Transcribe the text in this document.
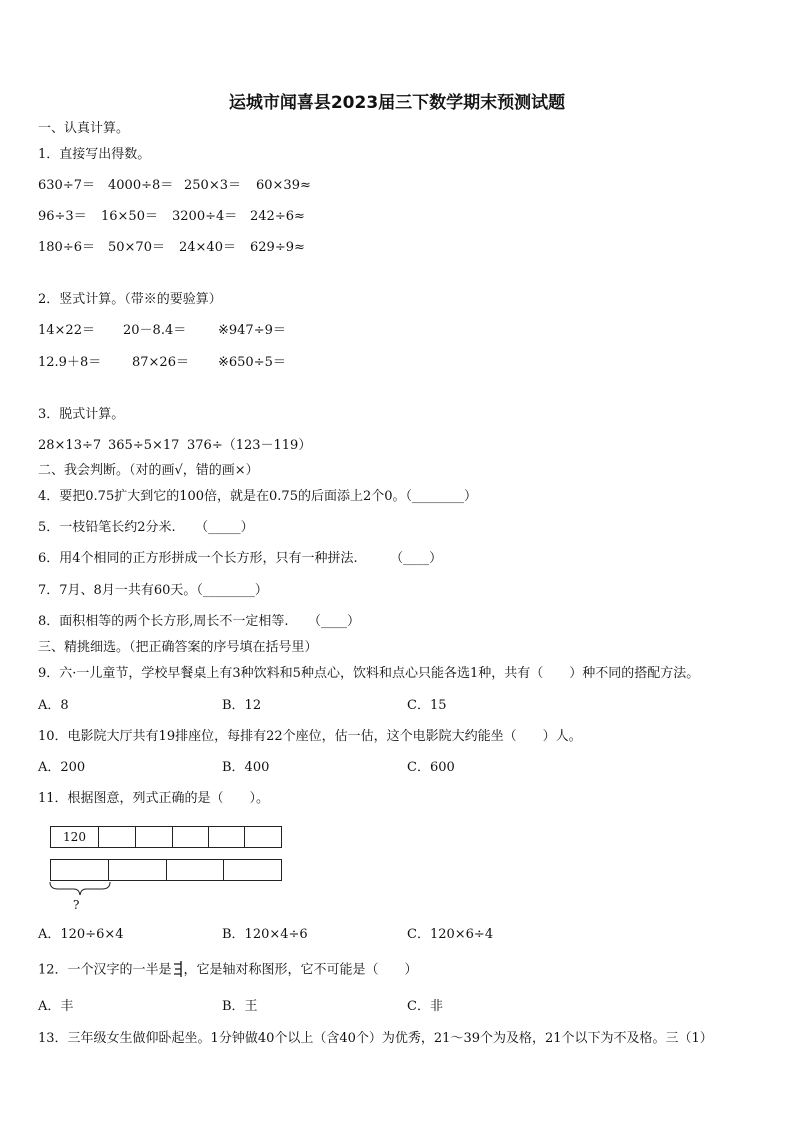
运城市闻喜县2023届三下数学期末预测试题
一、认真计算。
1．直接写出得数。
630÷7＝ 4000÷8＝ 250×3＝ 60×39≈
96÷3＝ 16×50＝ 3200÷4＝ 242÷6≈
180÷6＝ 50×70＝ 24×40＝ 629÷9≈
2．竖式计算。（带※的要验算）
14×22＝ 20－8.4＝ ※947÷9＝
12.9＋8＝ 87×26＝ ※650÷5＝
3．脱式计算。
28×13÷7 365÷5×17 376÷（123－119）
二、我会判断。（对的画√，错的画×）
4．要把0.75扩大到它的100倍，就是在0.75的后面添上2个0。（________）
5．一枝铅笔长约2分米.　　（_____）
6．用4个相同的正方形拼成一个长方形，只有一种拼法.　　　（____）
7．7月、8月一共有60天。（________）
8．面积相等的两个长方形,周长不一定相等.　　（____）
三、精挑细选。（把正确答案的序号填在括号里）
9．六·一儿童节，学校早餐桌上有3种饮料和5种点心，饮料和点心只能各选1种，共有（　　）种不同的搭配方法。
A．8	B．12	C．15
10．电影院大厅共有19排座位，每排有22个座位，估一估，这个电影院大约能坐（　　）人。
A．200	B．400	C．600
11．根据图意，列式正确的是（　　）。
120
?
A．120÷6×4	B．120×4÷6	C．120×6÷4
12．一个汉字的一半是 ，它是轴对称图形，它不可能是（　　）
A．丰	B．王	C．非
13．三年级女生做仰卧起坐。1分钟做40个以上（含40个）为优秀，21～39个为及格，21个以下为不及格。三（1）
